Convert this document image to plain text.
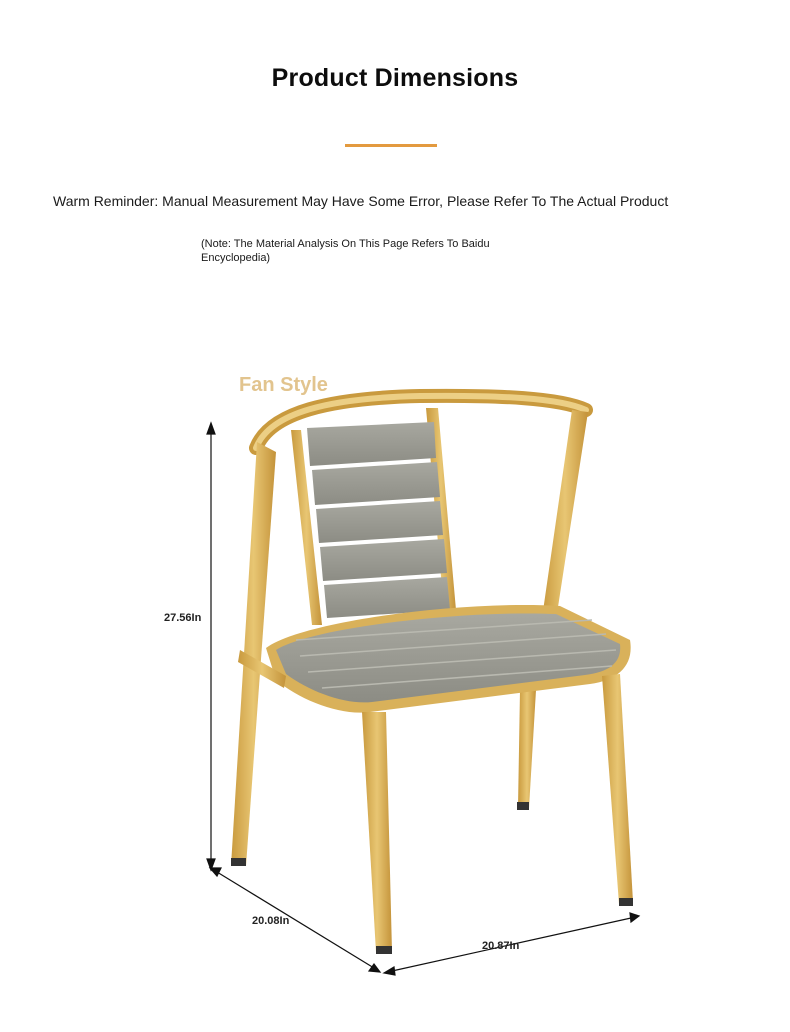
Product Dimensions
Warm Reminder: Manual Measurement May Have Some Error, Please Refer To The Actual Product
(Note: The Material Analysis On This Page Refers To Baidu Encyclopedia)
Fan Style
27.56In
20.08In
20.87In
